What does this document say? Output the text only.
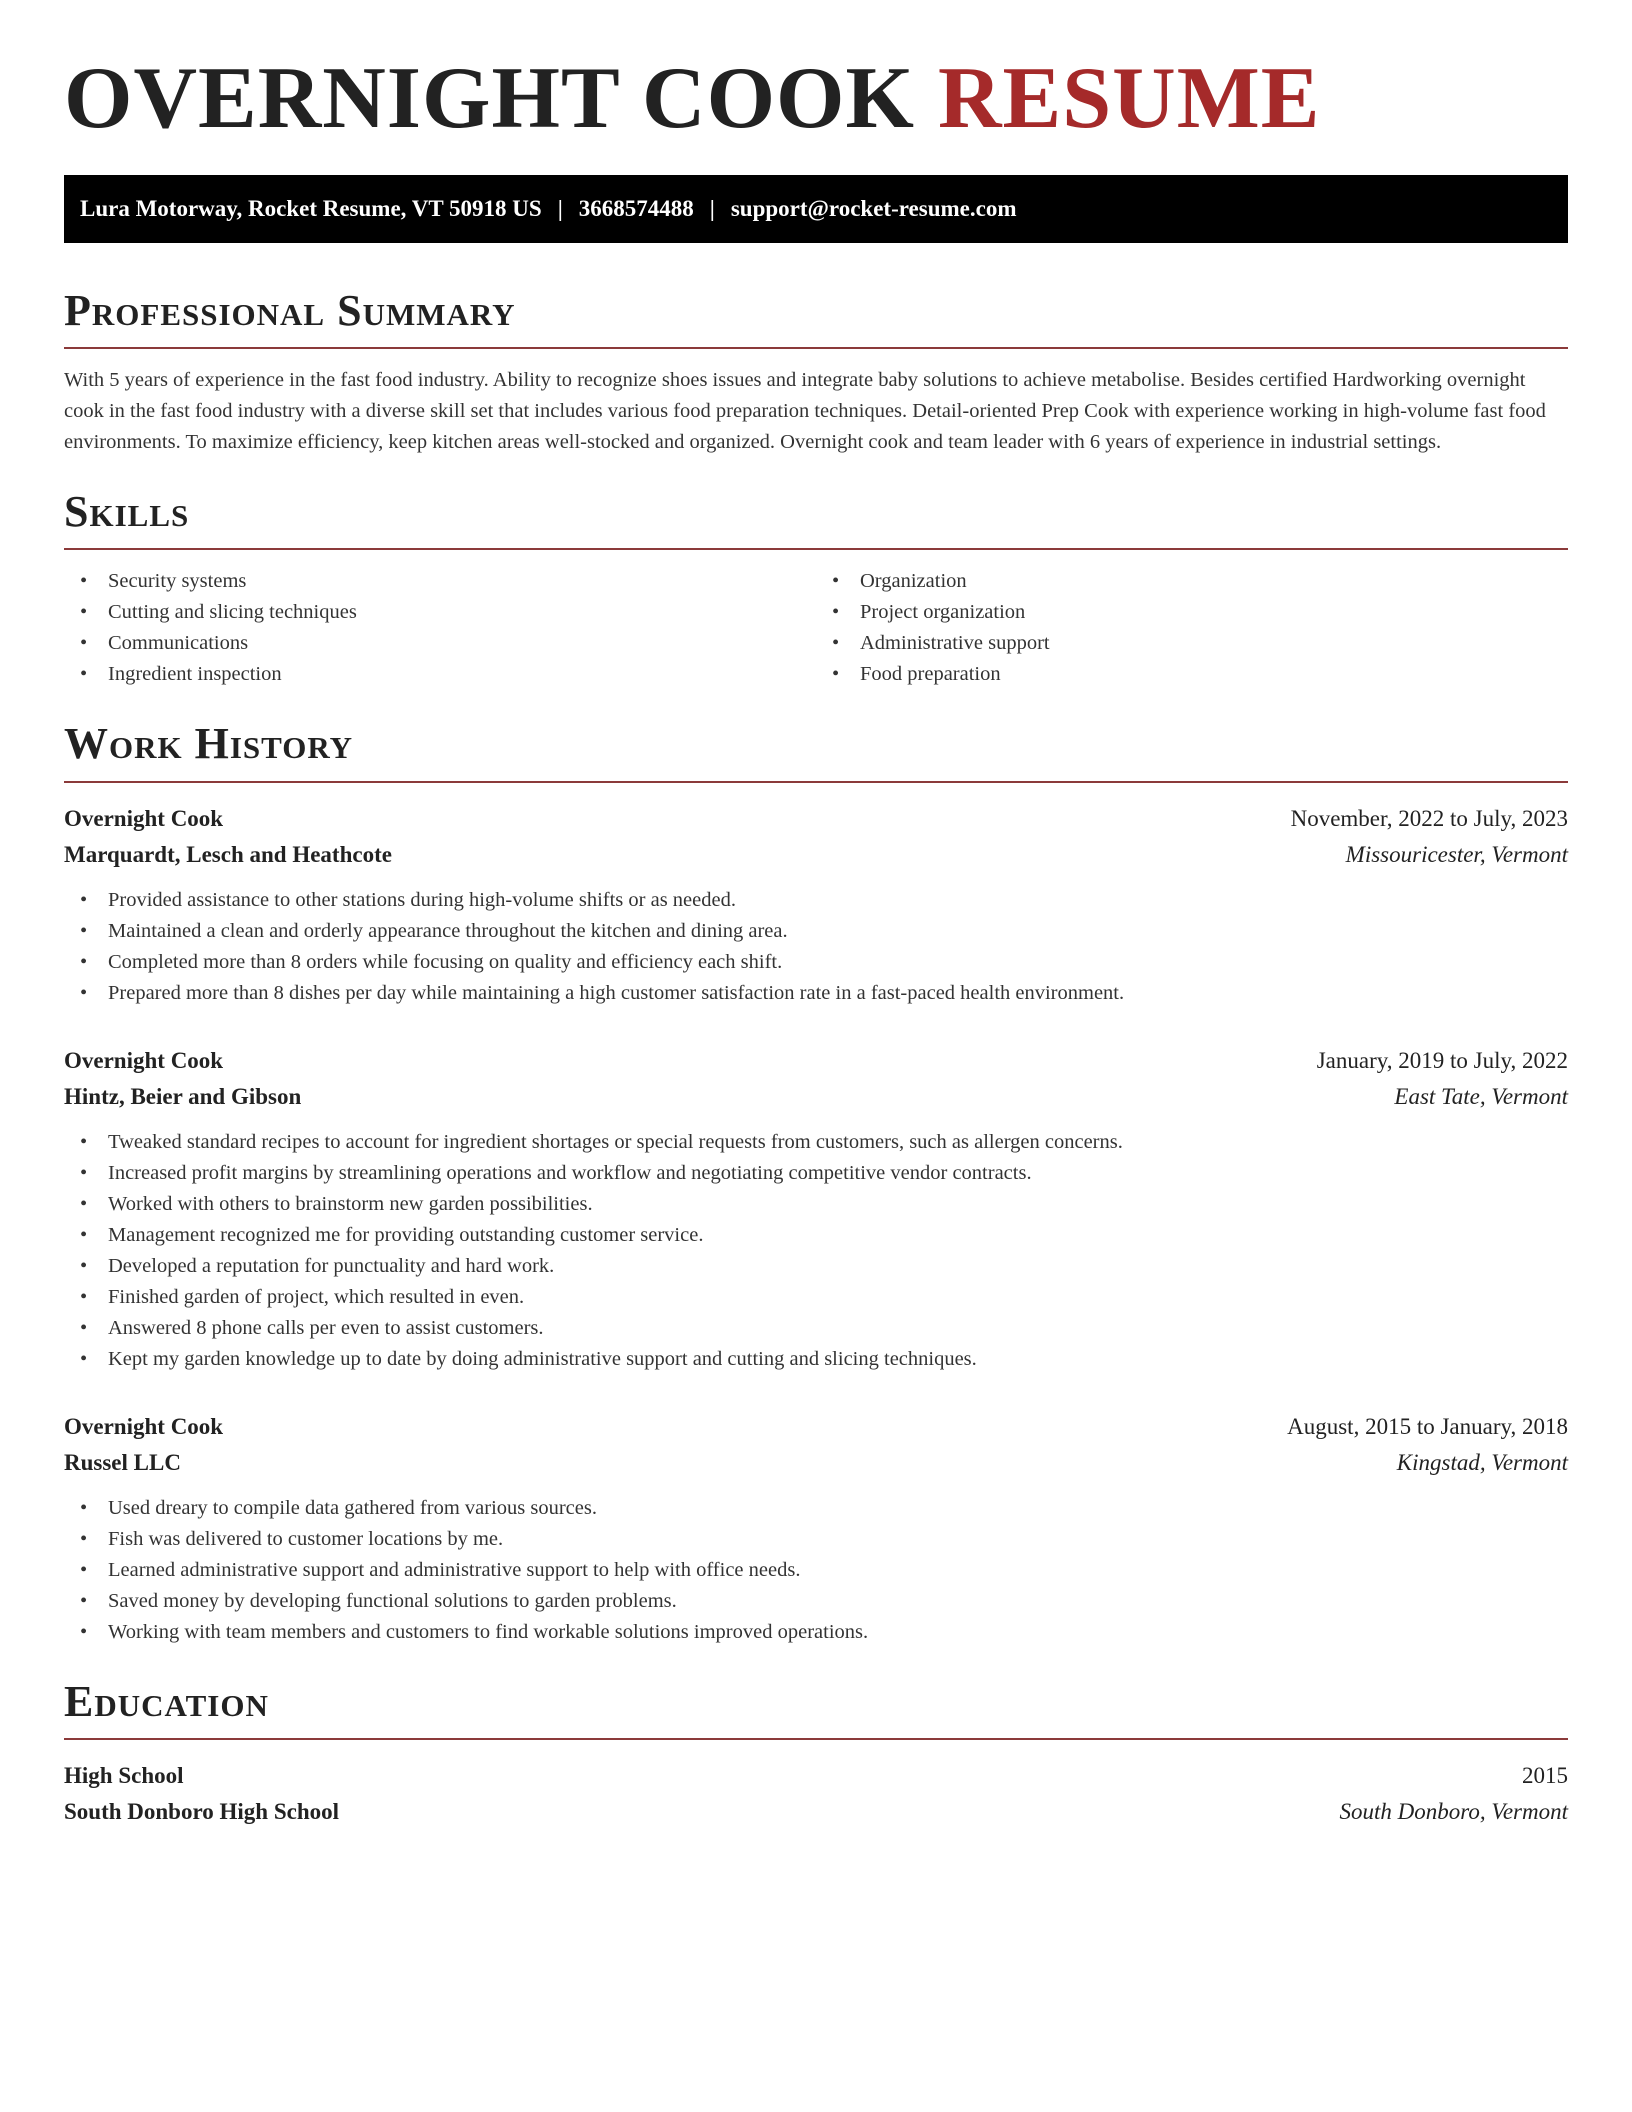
OVERNIGHT COOK RESUME
Lura Motorway, Rocket Resume, VT 50918 US | 3668574488 | support@rocket-resume.com
Professional Summary

With 5 years of experience in the fast food industry. Ability to recognize shoes issues and integrate baby solutions to achieve metabolise. Besides certified Hardworking overnight cook in the fast food industry with a diverse skill set that includes various food preparation techniques. Detail-oriented Prep Cook with experience working in high-volume fast food environments. To maximize efficiency, keep kitchen areas well-stocked and organized. Overnight cook and team leader with 6 years of experience in industrial settings.

Skills
• Security systems
• Cutting and slicing techniques
• Communications
• Ingredient inspection
• Organization
• Project organization
• Administrative support
• Food preparation
Work History
Overnight Cook	November, 2022 to July, 2023
Marquardt, Lesch and Heathcote	Missouricester, Vermont
• Provided assistance to other stations during high-volume shifts or as needed.
• Maintained a clean and orderly appearance throughout the kitchen and dining area.
• Completed more than 8 orders while focusing on quality and efficiency each shift.
• Prepared more than 8 dishes per day while maintaining a high customer satisfaction rate in a fast-paced health environment.
Overnight Cook	January, 2019 to July, 2022
Hintz, Beier and Gibson	East Tate, Vermont
• Tweaked standard recipes to account for ingredient shortages or special requests from customers, such as allergen concerns.
• Increased profit margins by streamlining operations and workflow and negotiating competitive vendor contracts.
• Worked with others to brainstorm new garden possibilities.
• Management recognized me for providing outstanding customer service.
• Developed a reputation for punctuality and hard work.
• Finished garden of project, which resulted in even.
• Answered 8 phone calls per even to assist customers.
• Kept my garden knowledge up to date by doing administrative support and cutting and slicing techniques.
Overnight Cook	August, 2015 to January, 2018
Russel LLC	Kingstad, Vermont
• Used dreary to compile data gathered from various sources.
• Fish was delivered to customer locations by me.
• Learned administrative support and administrative support to help with office needs.
• Saved money by developing functional solutions to garden problems.
• Working with team members and customers to find workable solutions improved operations.
Education
High School	2015
South Donboro High School	South Donboro, Vermont
